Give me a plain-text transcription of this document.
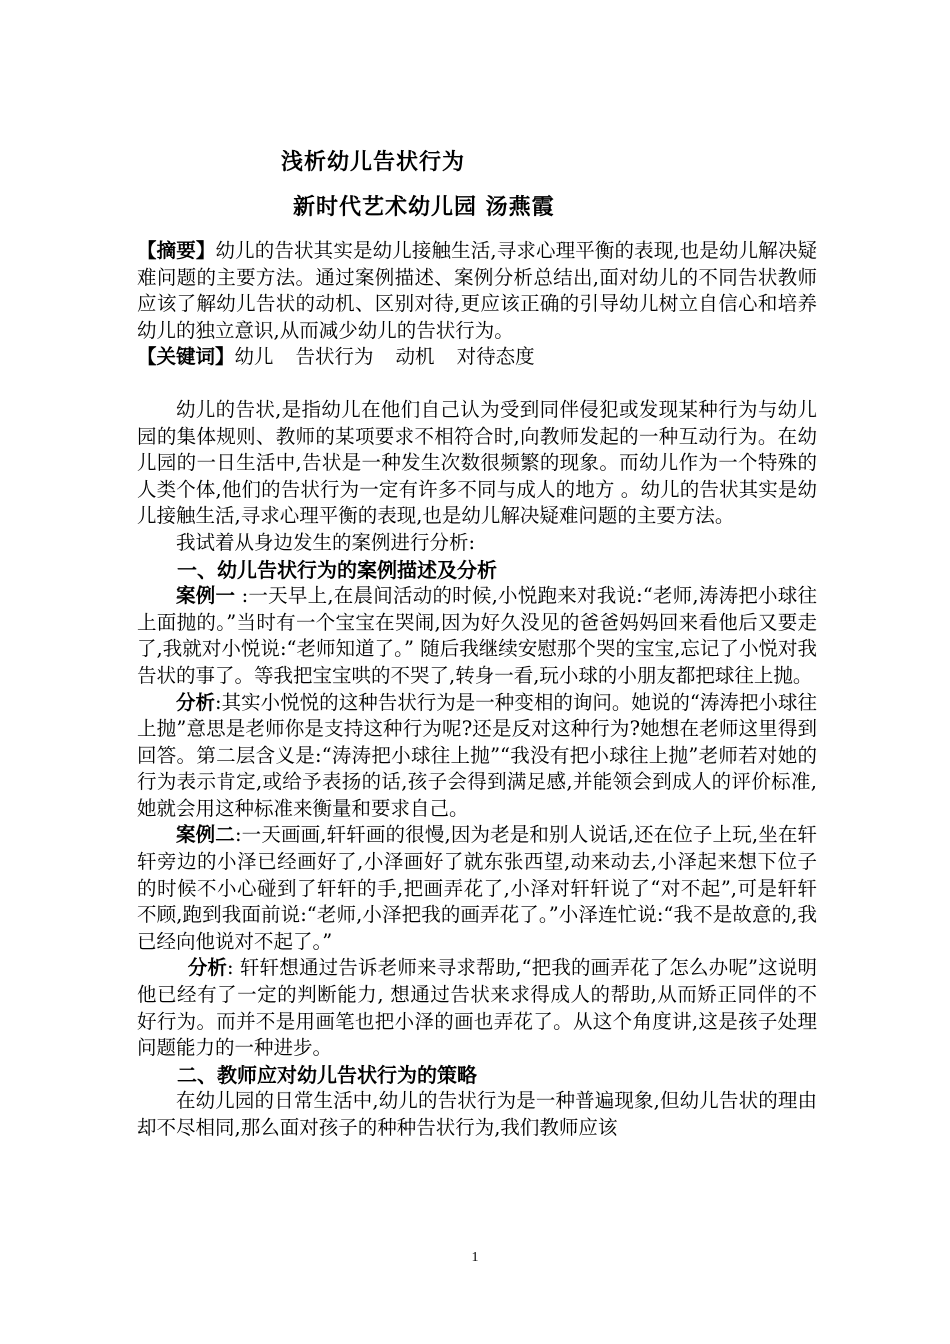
浅析幼儿告状行为
新时代艺术幼儿园 汤燕霞

【摘要】幼儿的告状其实是幼儿接触生活,寻求心理平衡的表现,也是幼儿解决疑难问题的主要方法。通过案例描述、案例分析总结出,面对幼儿的不同告状教师应该了解幼儿告状的动机、区别对待,更应该正确的引导幼儿树立自信心和培养幼儿的独立意识,从而减少幼儿的告状行为。

【关键词】幼儿 告状行为 动机 对待态度

幼儿的告状,是指幼儿在他们自己认为受到同伴侵犯或发现某种行为与幼儿园的集体规则、教师的某项要求不相符合时,向教师发起的一种互动行为。在幼儿园的一日生活中,告状是一种发生次数很频繁的现象。而幼儿作为一个特殊的人类个体,他们的告状行为一定有许多不同与成人的地方 。幼儿的告状其实是幼儿接触生活,寻求心理平衡的表现,也是幼儿解决疑难问题的主要方法。

我试着从身边发生的案例进行分析:

一、幼儿告状行为的案例描述及分析

案例一 :一天早上,在晨间活动的时候,小悦跑来对我说:“老师,涛涛把小球往上面抛的。”当时有一个宝宝在哭闹,因为好久没见的爸爸妈妈回来看他后又要走了,我就对小悦说:“老师知道了。” 随后我继续安慰那个哭的宝宝,忘记了小悦对我告状的事了。等我把宝宝哄的不哭了,转身一看,玩小球的小朋友都把球往上抛。

分析:其实小悦悦的这种告状行为是一种变相的询问。她说的“涛涛把小球往上抛”意思是老师你是支持这种行为呢?还是反对这种行为?她想在老师这里得到回答。第二层含义是:“涛涛把小球往上抛”“我没有把小球往上抛”老师若对她的行为表示肯定,或给予表扬的话,孩子会得到满足感,并能领会到成人的评价标准,她就会用这种标准来衡量和要求自己。

案例二:一天画画,轩轩画的很慢,因为老是和别人说话,还在位子上玩,坐在轩轩旁边的小泽已经画好了,小泽画好了就东张西望,动来动去,小泽起来想下位子的时候不小心碰到了轩轩的手,把画弄花了,小泽对轩轩说了“对不起”,可是轩轩不顾,跑到我面前说:“老师,小泽把我的画弄花了。”小泽连忙说:“我不是故意的,我已经向他说对不起了。”

分析: 轩轩想通过告诉老师来寻求帮助,“把我的画弄花了怎么办呢”这说明他已经有了一定的判断能力, 想通过告状来求得成人的帮助,从而矫正同伴的不好行为。而并不是用画笔也把小泽的画也弄花了。从这个角度讲,这是孩子处理问题能力的一种进步。

二、教师应对幼儿告状行为的策略

在幼儿园的日常生活中,幼儿的告状行为是一种普遍现象,但幼儿告状的理由却不尽相同,那么面对孩子的种种告状行为,我们教师应该

1
